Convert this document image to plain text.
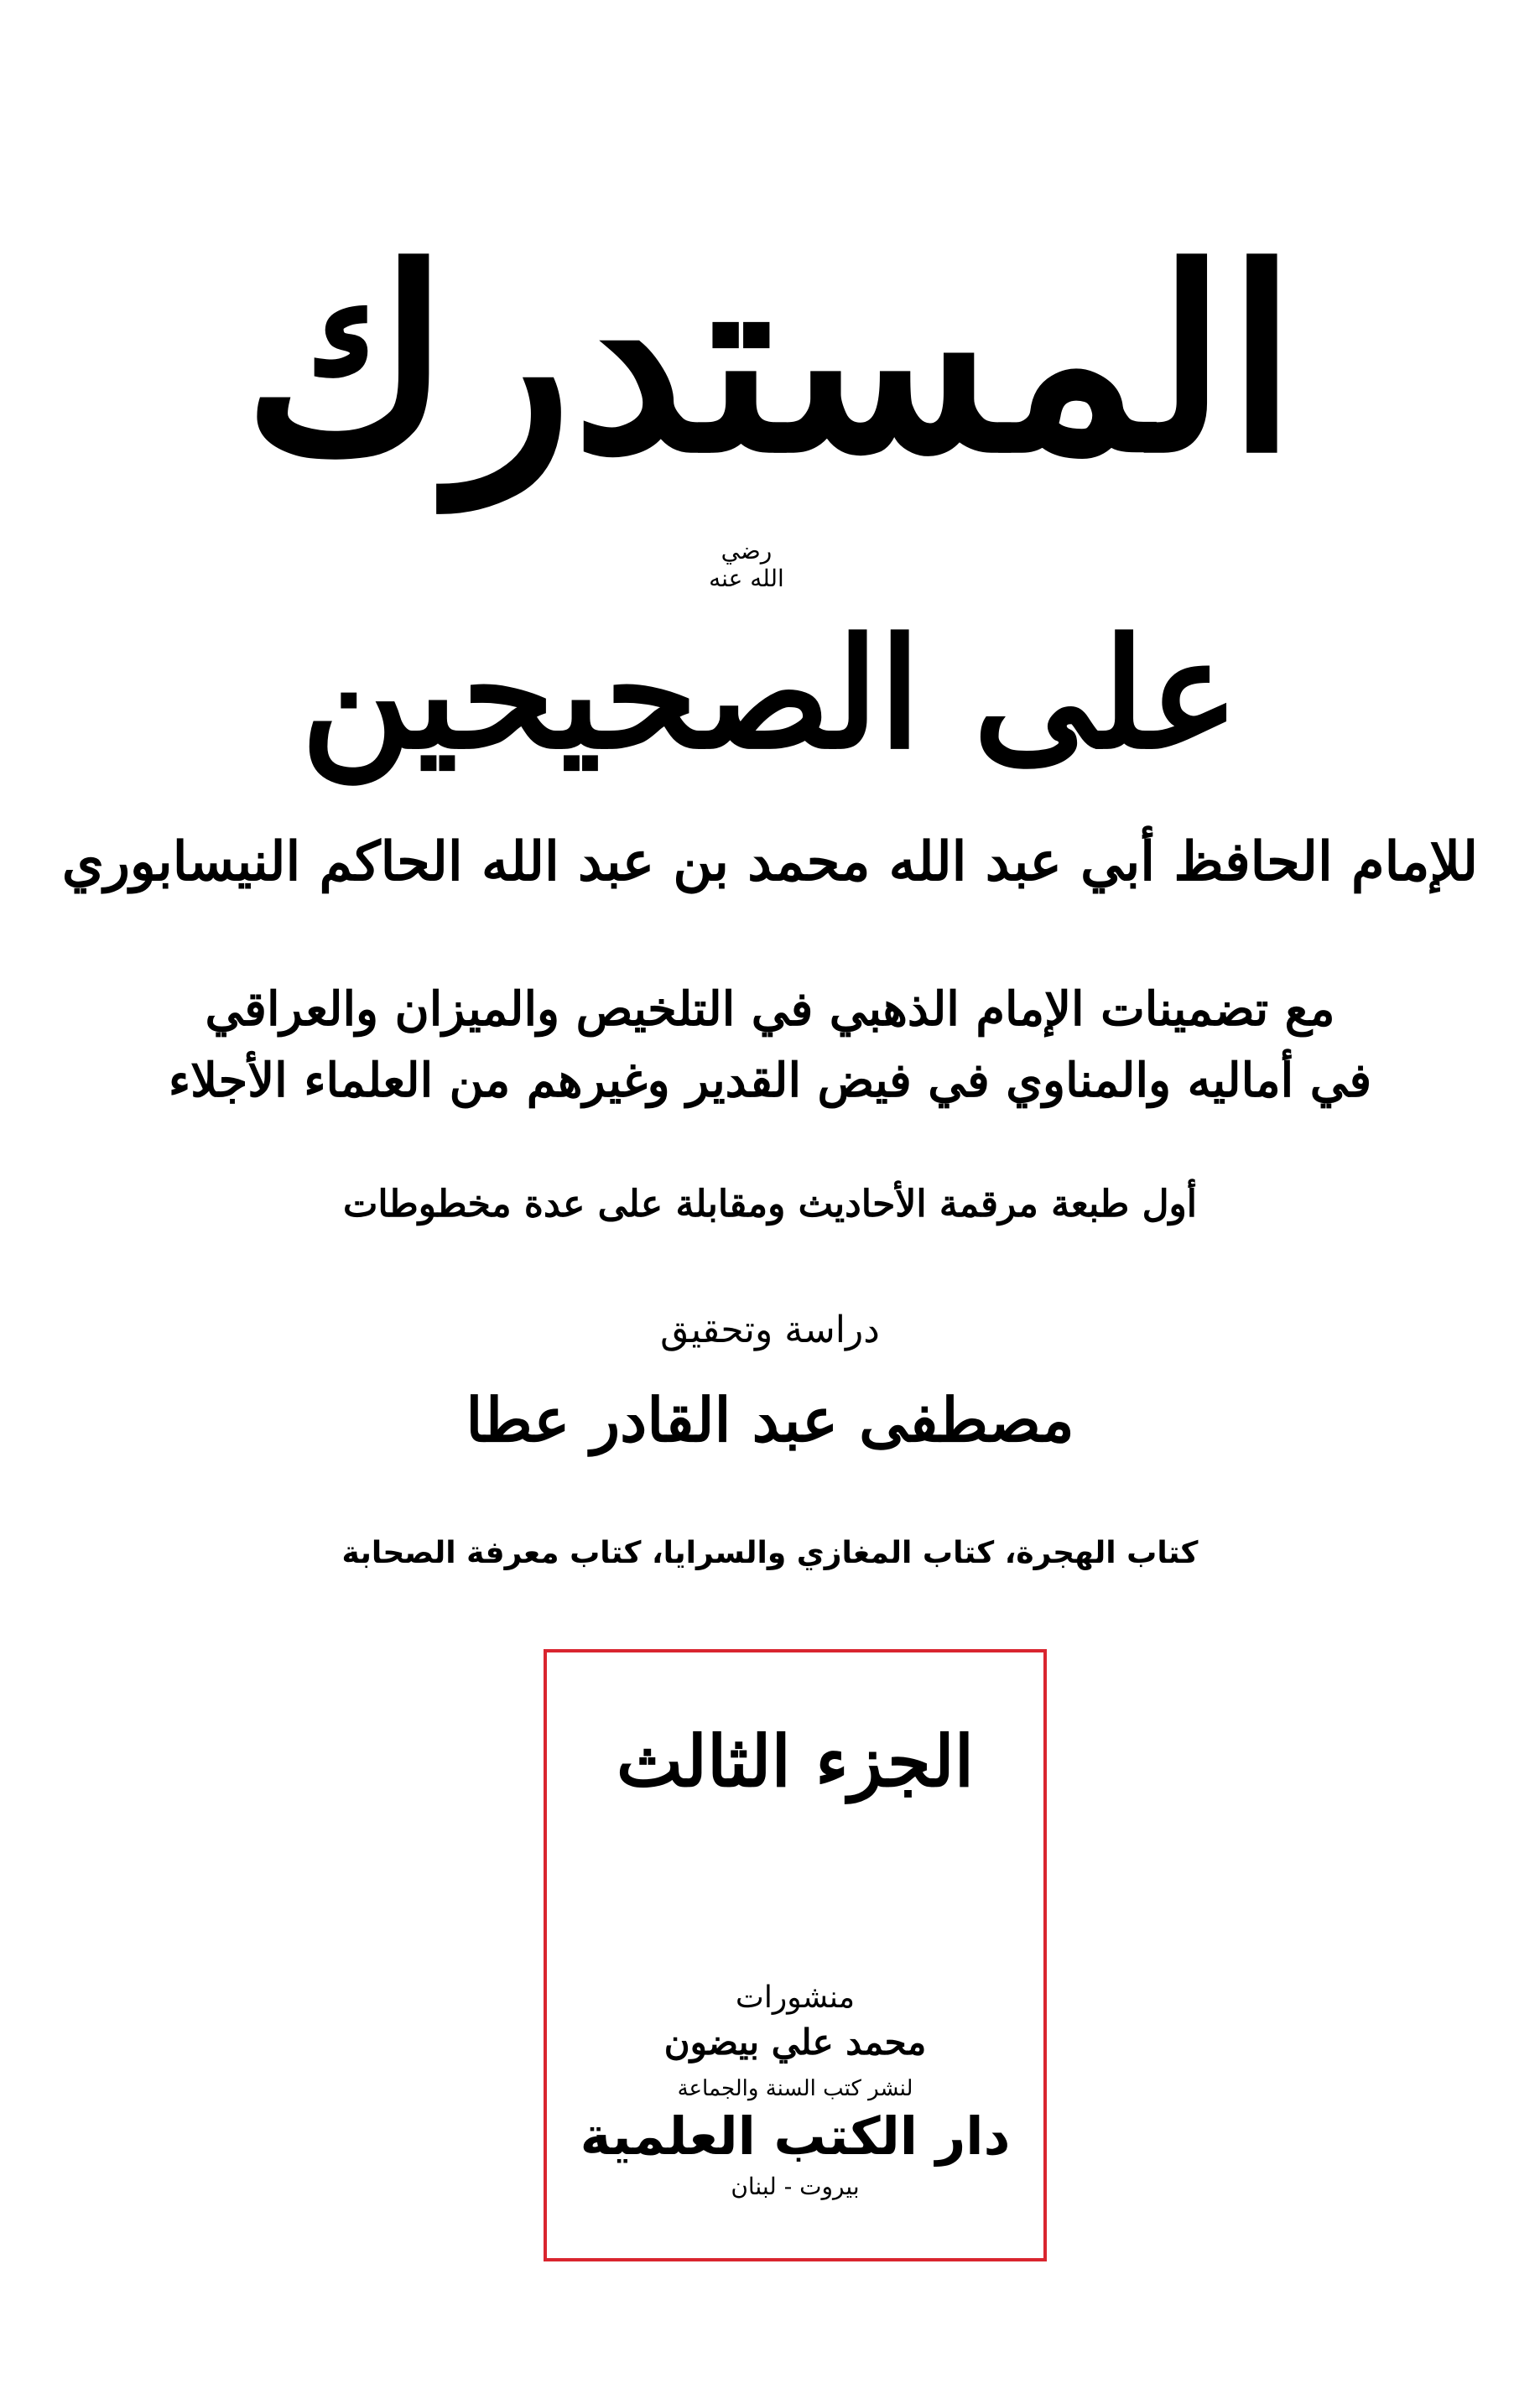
المستدرك
رضي الله عنه
على الصحيحين
للإمام الحافظ أبي عبد الله محمد بن عبد الله الحاكم النيسابوري
مع تضمينات الإمام الذهبي في التلخيص والميزان والعراقي
في أماليه والمناوي في فيض القدير وغيرهم من العلماء الأجلاء
أول طبعة مرقمة الأحاديث ومقابلة على عدة مخطوطات
دراسة وتحقيق
مصطفى عبد القادر عطا
كتاب الهجرة، كتاب المغازي والسرايا، كتاب معرفة الصحابة
الجزء الثالث
منشورات
محمد علي بيضون
لنشر كتب السنة والجماعة
دار الكتب العلمية
بيروت - لبنان
